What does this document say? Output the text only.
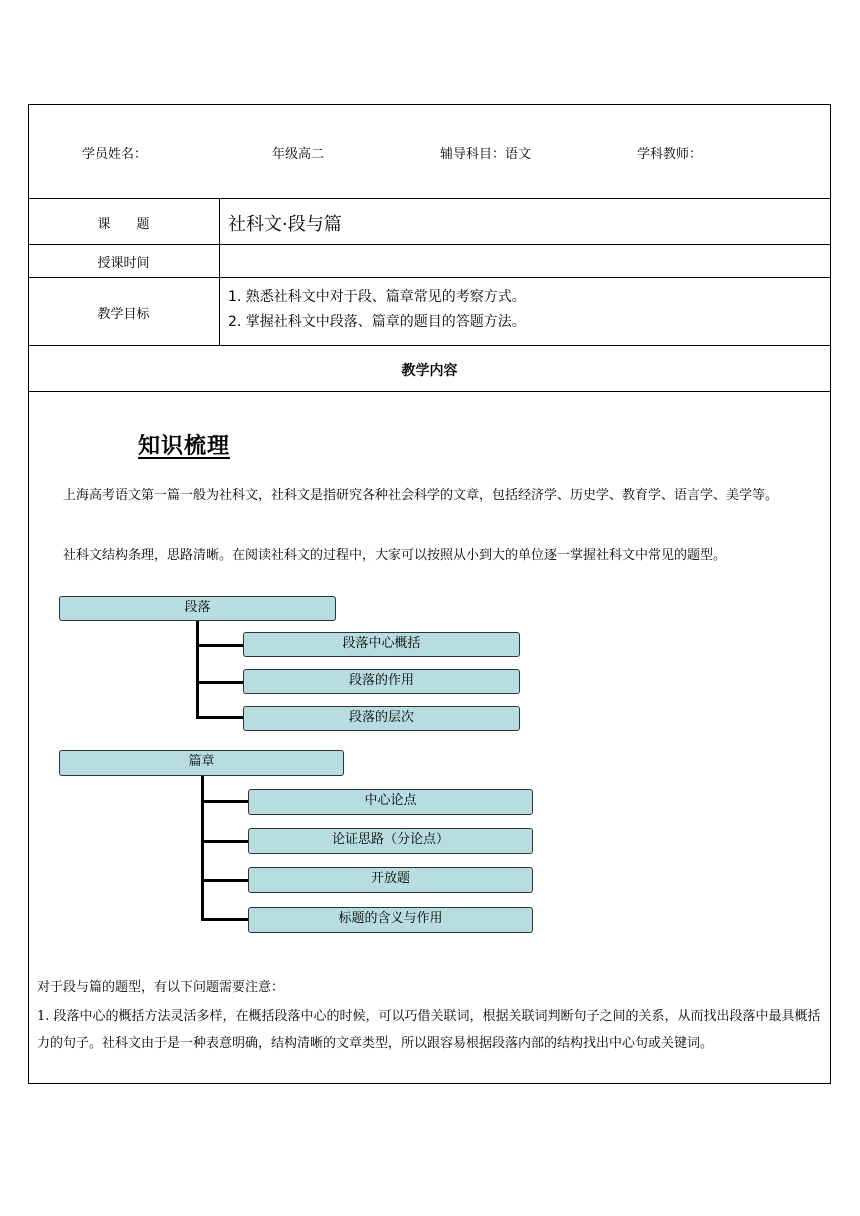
学员姓名：	年级高二	辅导科目：语文	学科教师：
课　　题	社科文·段与篇
授课时间
教学目标
1. 熟悉社科文中对于段、篇章常见的考察方式。
2. 掌握社科文中段落、篇章的题目的答题方法。
教学内容
知识梳理
上海高考语文第一篇一般为社科文，社科文是指研究各种社会科学的文章，包括经济学、历史学、教育学、语言学、美学等。
社科文结构条理，思路清晰。在阅读社科文的过程中，大家可以按照从小到大的单位逐一掌握社科文中常见的题型。
段落
段落中心概括
段落的作用
段落的层次
篇章
中心论点
论证思路（分论点）
开放题
标题的含义与作用
对于段与篇的题型，有以下问题需要注意：
1. 段落中心的概括方法灵活多样，在概括段落中心的时候，可以巧借关联词，根据关联词判断句子之间的关系，从而找出段落中最具概括力的句子。社科文由于是一种表意明确，结构清晰的文章类型，所以跟容易根据段落内部的结构找出中心句或关键词。
